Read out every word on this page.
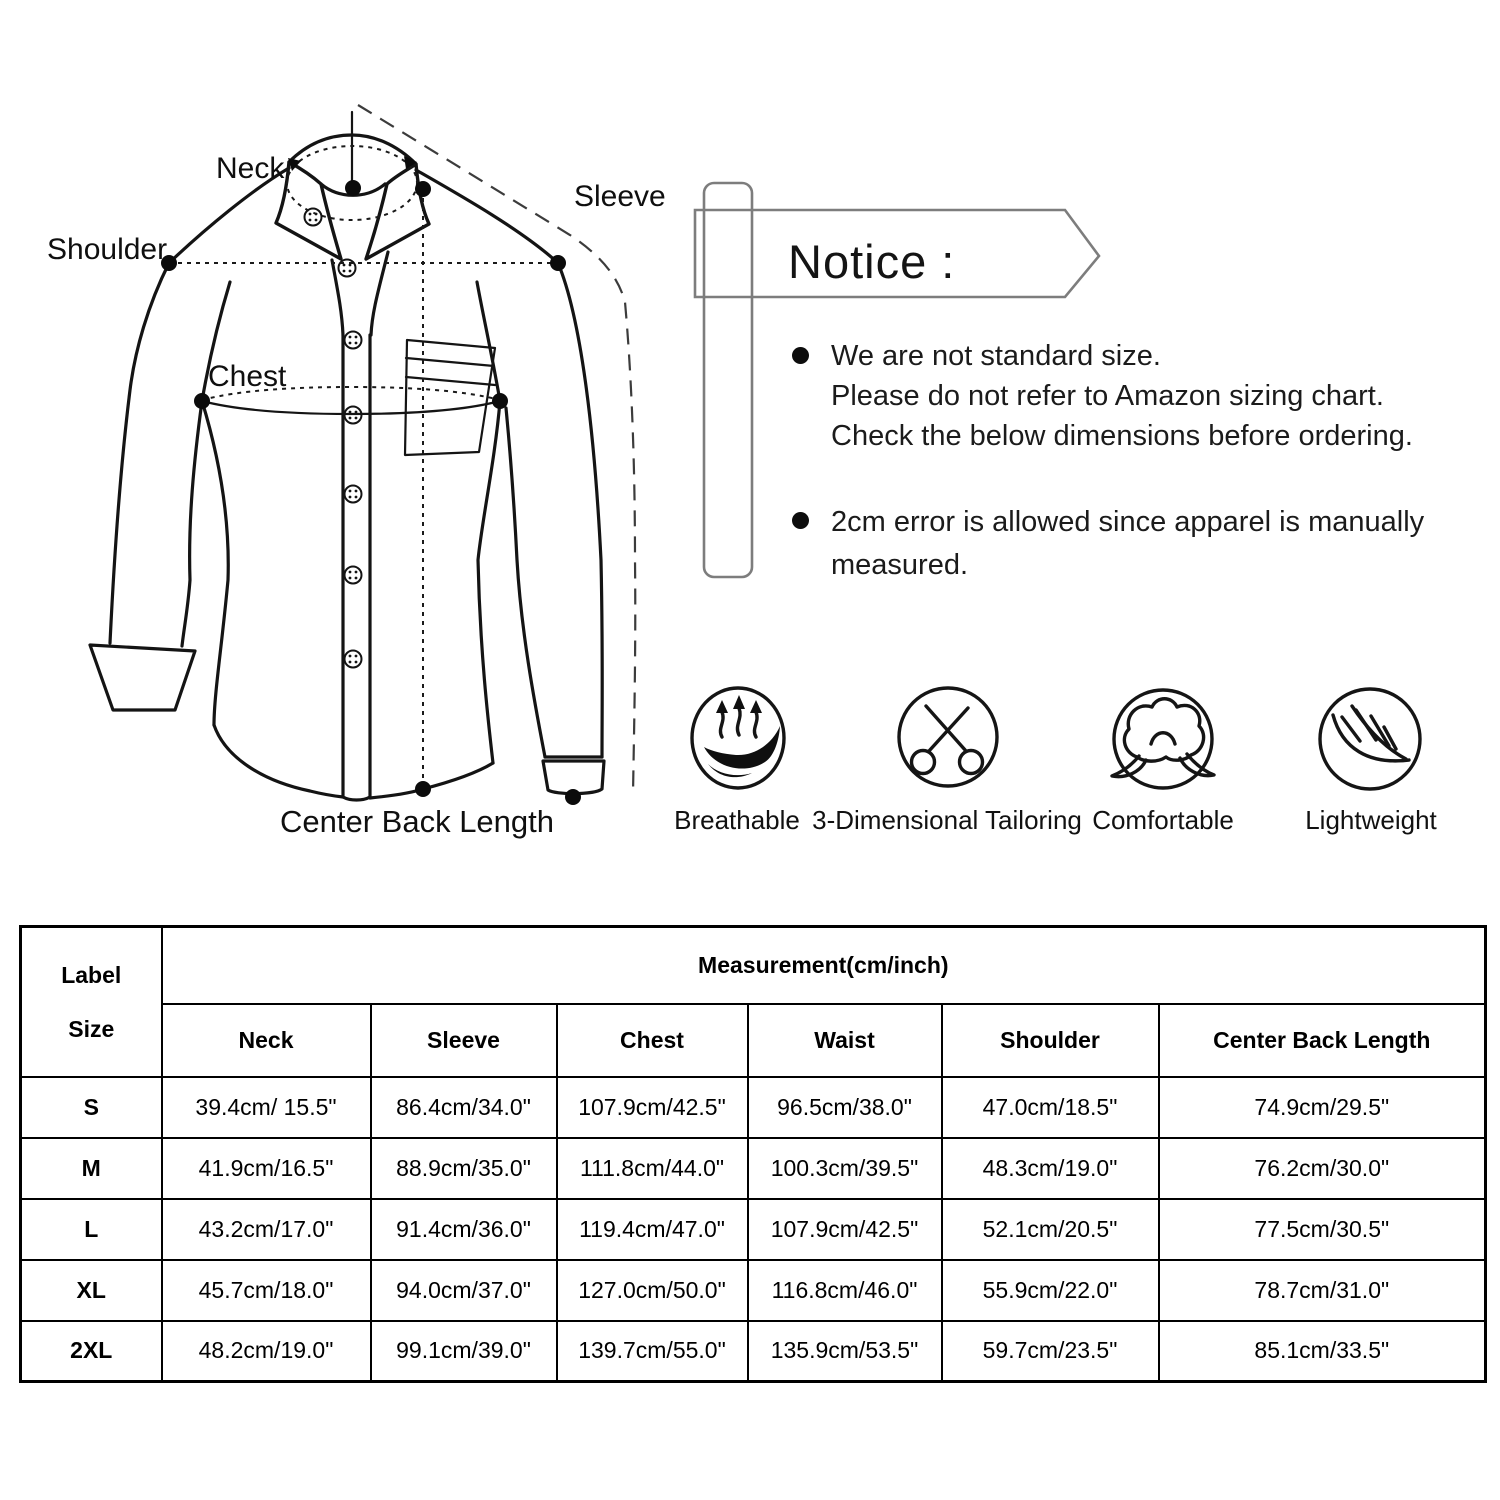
Neck
Shoulder
Sleeve
Chest
Center Back Length
Notice :
We are not standard size.
Please do not refer to Amazon sizing chart.
Check the below dimensions before ordering.
2cm error is allowed since apparel is manually
measured.
Breathable 3-Dimensional Tailoring Comfortable	Lightweight
Label
Size	Measurement(cm/inch)					
	Neck	Sleeve	Chest	Waist	Shoulder	Center Back Length
S	39.4cm/ 15.5"	86.4cm/34.0"	107.9cm/42.5"	96.5cm/38.0"	47.0cm/18.5"	74.9cm/29.5"
M	41.9cm/16.5"	88.9cm/35.0"	111.8cm/44.0"	100.3cm/39.5"	48.3cm/19.0"	76.2cm/30.0"
L	43.2cm/17.0"	91.4cm/36.0"	119.4cm/47.0"	107.9cm/42.5"	52.1cm/20.5"	77.5cm/30.5"
XL	45.7cm/18.0"	94.0cm/37.0"	127.0cm/50.0"	116.8cm/46.0"	55.9cm/22.0"	78.7cm/31.0"
2XL	48.2cm/19.0"	99.1cm/39.0"	139.7cm/55.0"	135.9cm/53.5"	59.7cm/23.5"	85.1cm/33.5"
